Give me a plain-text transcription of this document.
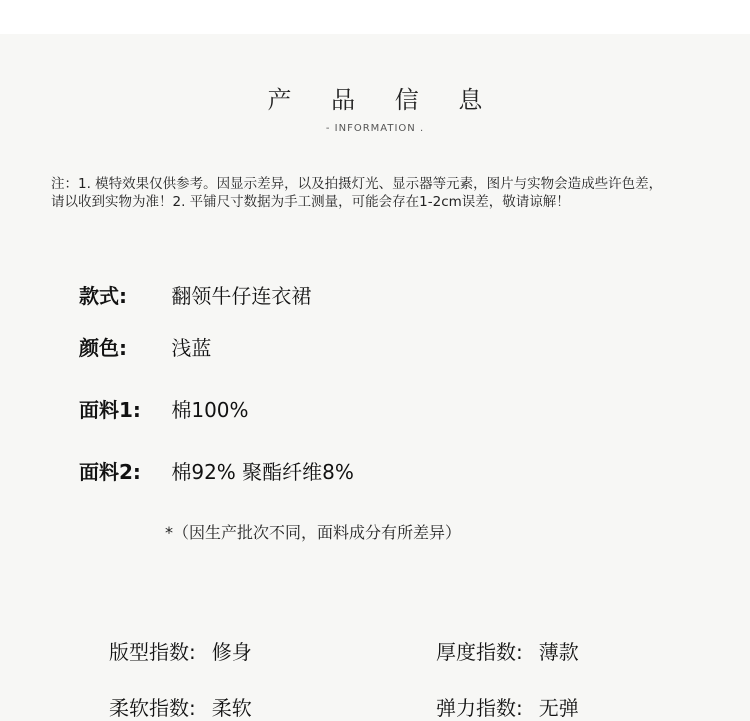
产 品 信 息
- INFORMATION .
注：1. 模特效果仅供参考。因显示差异，以及拍摄灯光、显示器等元素，图片与实物会造成些许色差，
请以收到实物为准！2. 平铺尺寸数据为手工测量，可能会存在1-2cm误差，敬请谅解！
款式: 翻领牛仔连衣裙
颜色: 浅蓝
面料1: 棉100%
面料2: 棉92% 聚酯纤维8%
*（因生产批次不同，面料成分有所差异）
版型指数: 修身	厚度指数: 薄款
柔软指数: 柔软	弹力指数: 无弹
